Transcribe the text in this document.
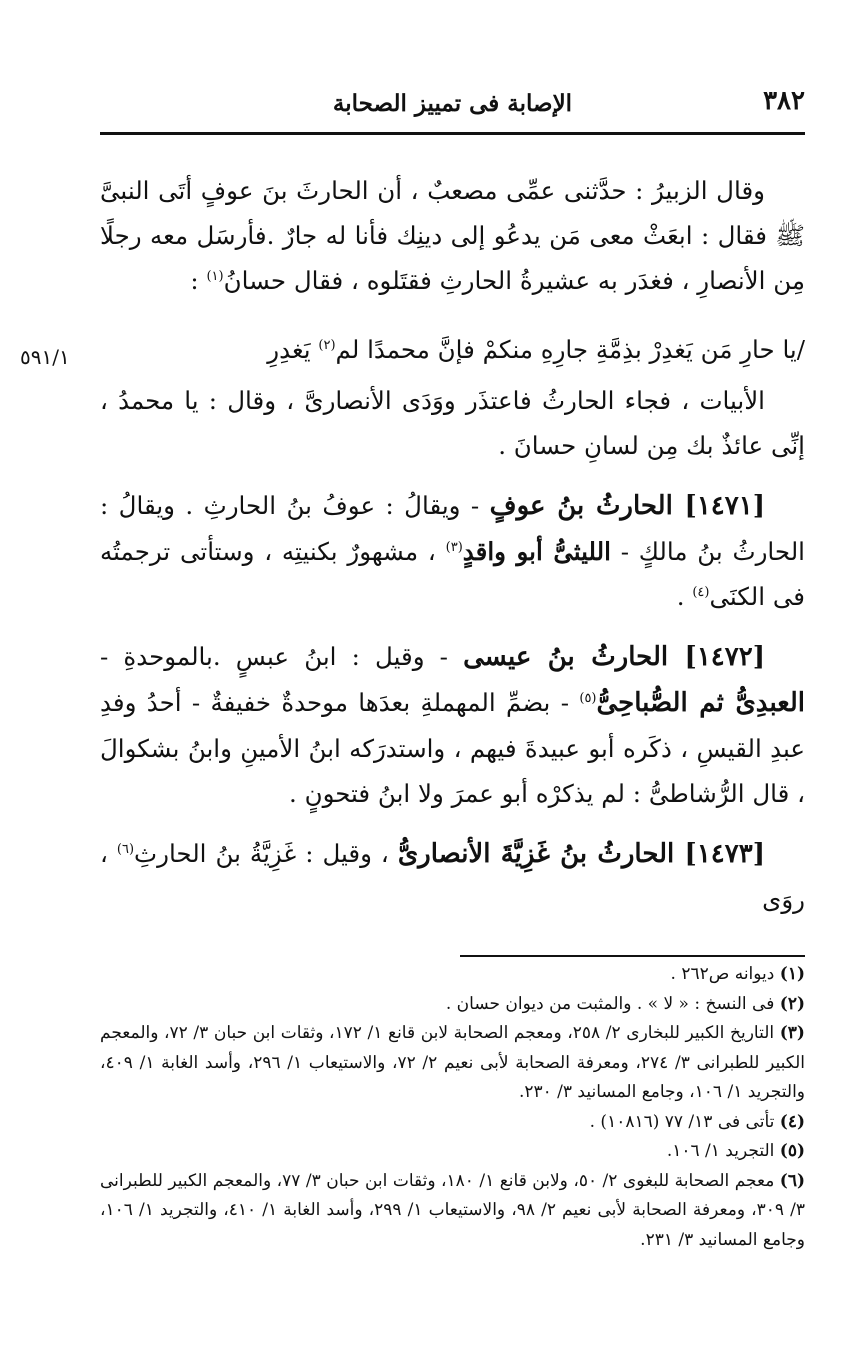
٣٨٢
الإصابة فى تمييز الصحابة
٥٩١/١

وقال الزبيرُ : حدَّثنى عمِّى مصعبٌ ، أن الحارثَ بنَ عوفٍ أتَى النبىَّ ﷺ فقال : ابعَثْ معى مَن يدعُو إلى دينِك فأنا له جارٌ .فأرسَل معه رجلًا مِن الأنصارِ ، فغدَر به عشيرةُ الحارثِ فقتَلوه ، فقال حسانُ$^{(١)}$ :

/يا حارِ مَن يَغدِرْ بذِمَّةِ جارِهِ منكمْ فإنَّ محمدًا لم$^{(٢)}$ يَغدِرِ

الأبيات ، فجاء الحارثُ فاعتذَر ووَدَى الأنصارىَّ ، وقال : يا محمدُ ، إنِّى عائذٌ بك مِن لسانِ حسانَ .

[١٤٧١] الحارثُ بنُ عوفٍ - ويقالُ : عوفُ بنُ الحارثِ . ويقالُ : الحارثُ بنُ مالكٍ - الليثىُّ أبو واقدٍ$^{(٣)}$ ، مشهورٌ بكنيتِه ، وستأتى ترجمتُه فى الكنَى$^{(٤)}$ .

[١٤٧٢] الحارثُ بنُ عيسى - وقيل : ابنُ عبسٍ .بالموحدةِ - العبدِىُّ ثم الصُّباحِىُّ$^{(٥)}$ - بضمِّ المهملةِ بعدَها موحدةٌ خفيفةٌ - أحدُ وفدِ عبدِ القيسِ ، ذكَره أبو عبيدةَ فيهم ، واستدرَكه ابنُ الأمينِ وابنُ بشكوالَ ، قال الرُّشاطىُّ : لم يذكرْه أبو عمرَ ولا ابنُ فتحونٍ .

[١٤٧٣] الحارثُ بنُ غَزِيَّةَ الأنصارىُّ ، وقيل : غَزِيَّةُ بنُ الحارثِ$^{(٦)}$ ، روَى

(١) ديوانه ص٢٦٢ .

(٢) فى النسخ : « لا » . والمثبت من ديوان حسان .

(٣) التاريخ الكبير للبخارى ٢/ ٢٥٨، ومعجم الصحابة لابن قانع ١/ ١٧٢، وثقات ابن حبان ٣/ ٧٢، والمعجم الكبير للطبرانى ٣/ ٢٧٤، ومعرفة الصحابة لأبى نعيم ٢/ ٧٢، والاستيعاب ١/ ٢٩٦، وأسد الغابة ١/ ٤٠٩، والتجريد ١/ ١٠٦، وجامع المسانيد ٣/ ٢٣٠.

(٤) تأتى فى ١٣/ ٧٧ (١٠٨١٦) .

(٥) التجريد ١/ ١٠٦.

(٦) معجم الصحابة للبغوى ٢/ ٥٠، ولابن قانع ١/ ١٨٠، وثقات ابن حبان ٣/ ٧٧، والمعجم الكبير للطبرانى ٣/ ٣٠٩، ومعرفة الصحابة لأبى نعيم ٢/ ٩٨، والاستيعاب ١/ ٢٩٩، وأسد الغابة ١/ ٤١٠، والتجريد ١/ ١٠٦، وجامع المسانيد ٣/ ٢٣١.
